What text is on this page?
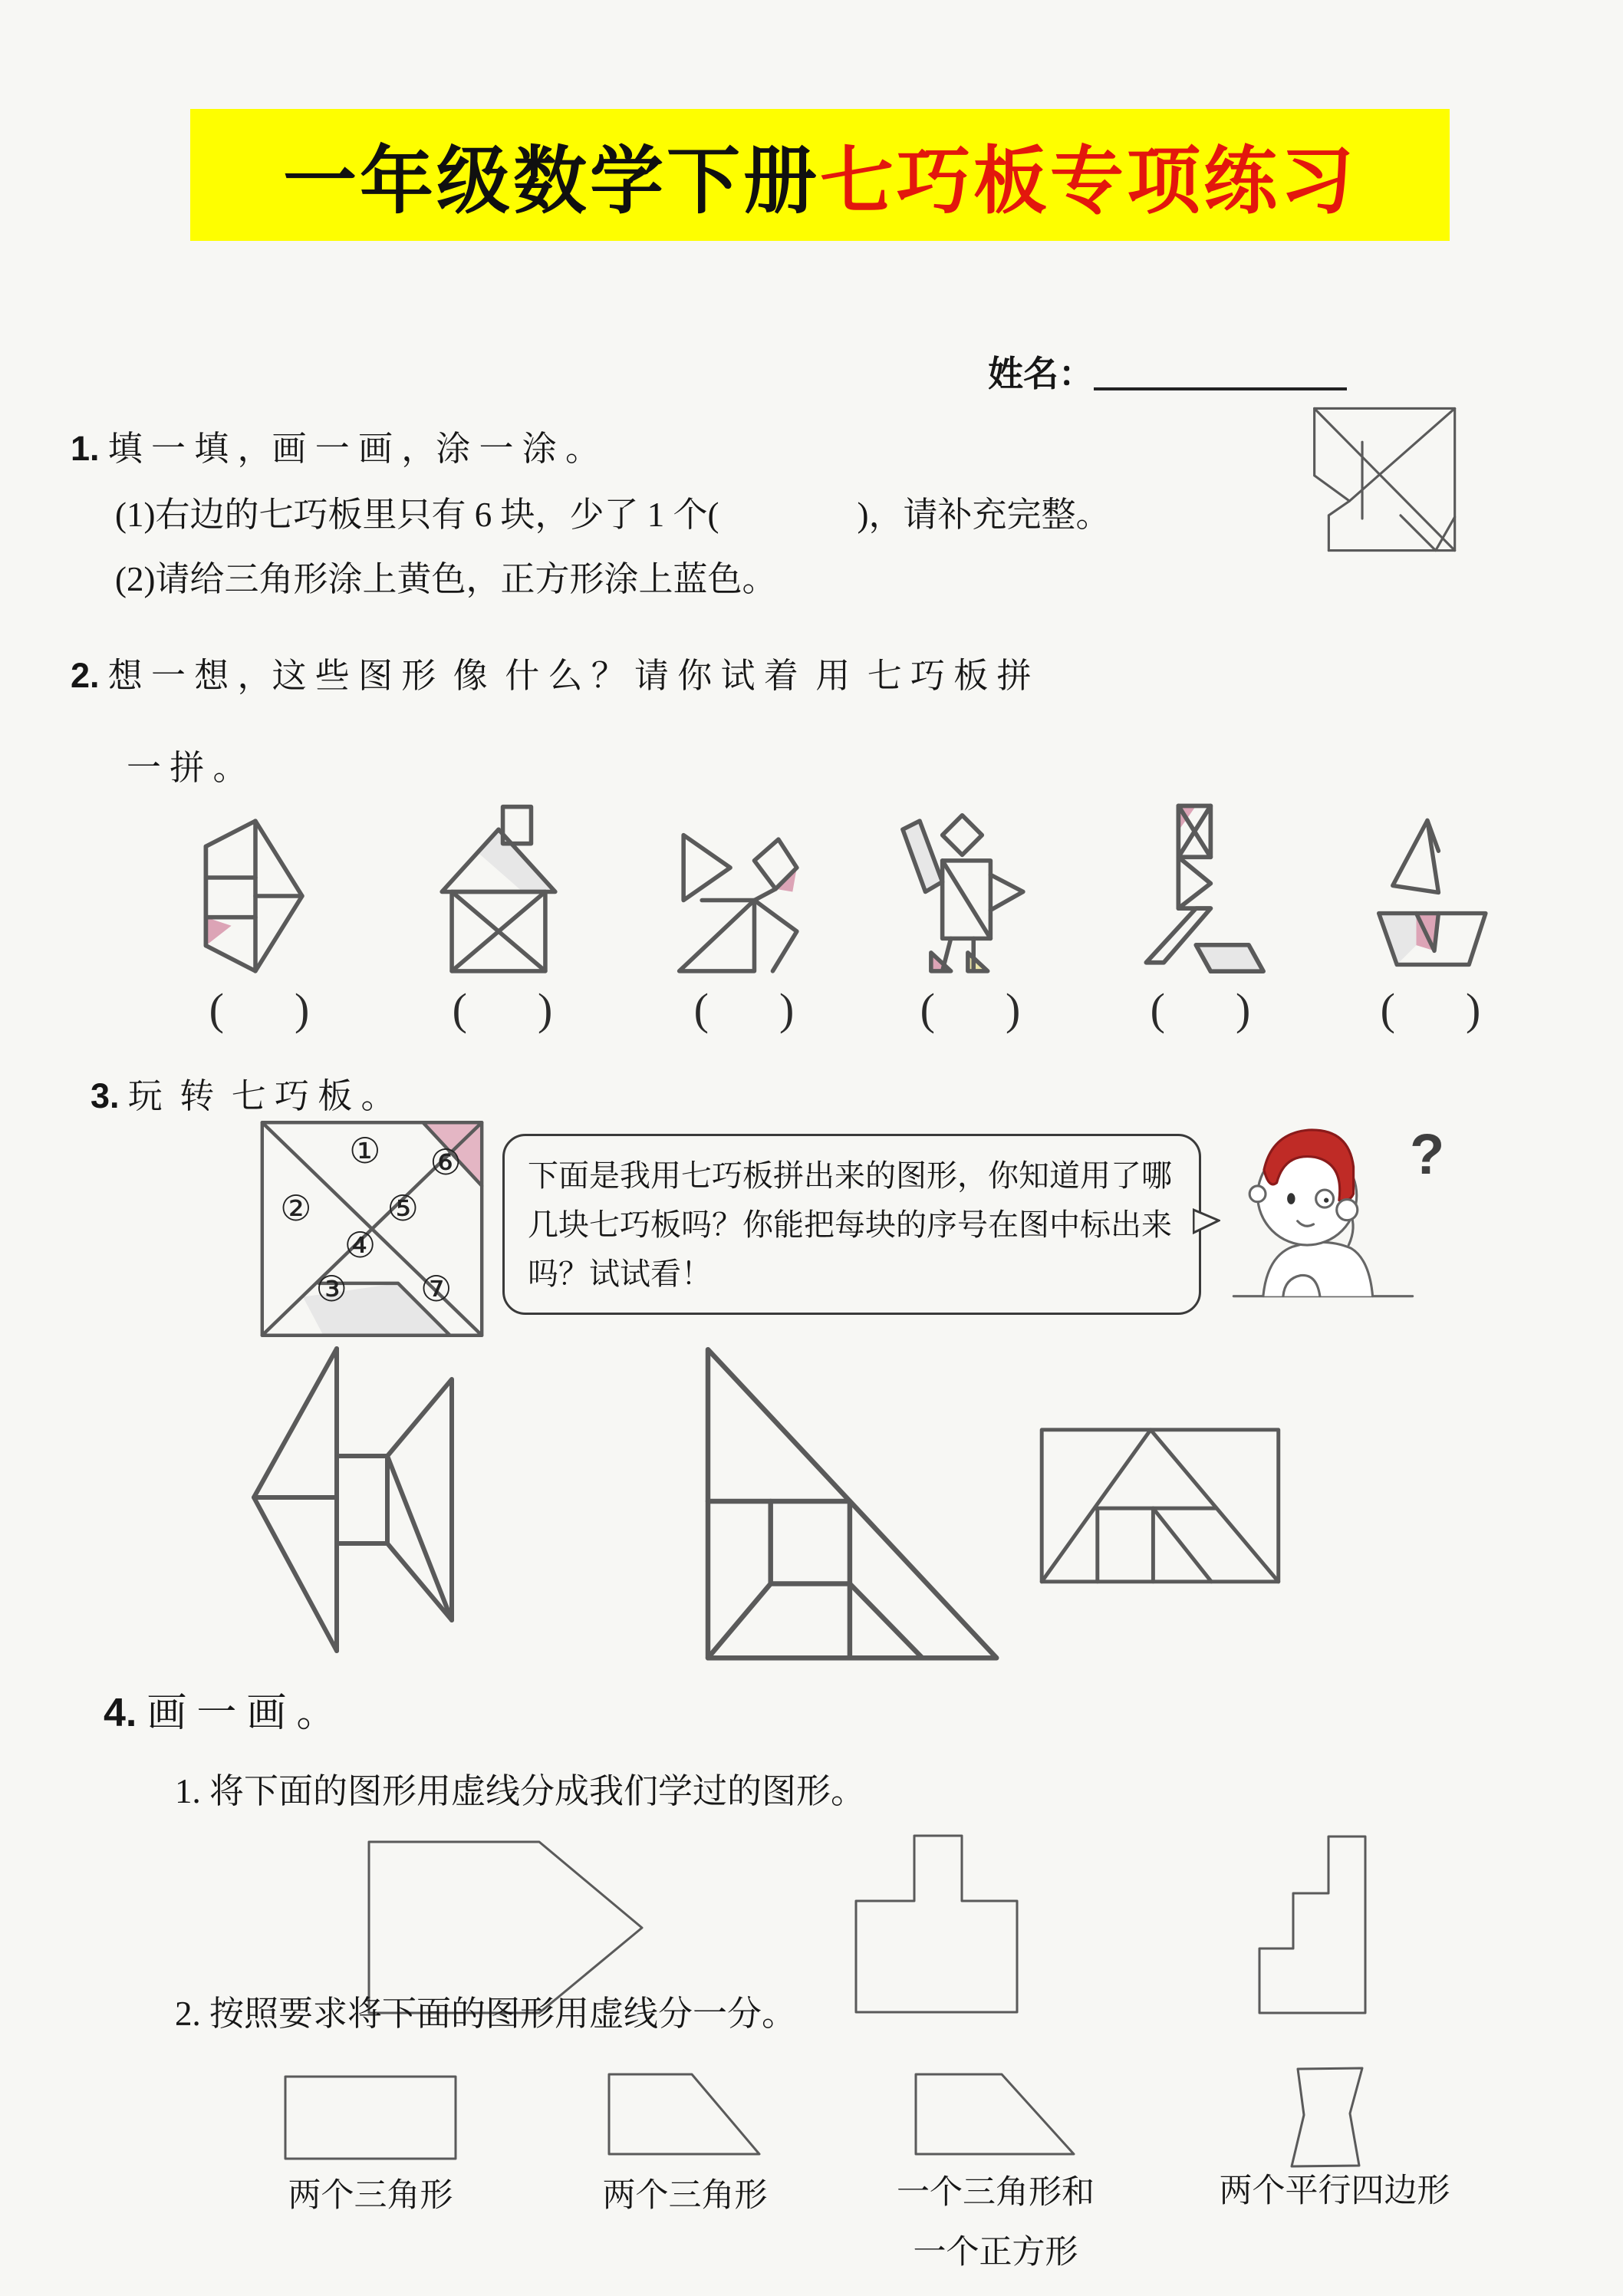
一年级数学下册 七巧板专项练习

姓名：

1. 填 一 填 ，画 一 画 ，涂 一 涂 。
(1)右边的七巧板里只有 6 块，少了 1 个(　　　　)，请补充完整。
(2)请给三角形涂上黄色，正方形涂上蓝色。
2. 想 一 想 ，这 些 图 形  像  什 么 ？ 请 你 试 着  用  七 巧 板 拼
一 拼 。
( )	( )	( )	( )	( )	( )
3. 玩  转  七 巧 板 。
①
②
③
④
⑤
⑥
⑦
下面是我用七巧板拼出来的图形，你知道用了哪几块七巧板吗？你能把每块的序号在图中标出来吗？试试看！
?
4. 画 一 画 。
1. 将下面的图形用虚线分成我们学过的图形。
2. 按照要求将下面的图形用虚线分一分。
两个三角形	两个三角形	一个三角形和
一个正方形
两个平行四边形
